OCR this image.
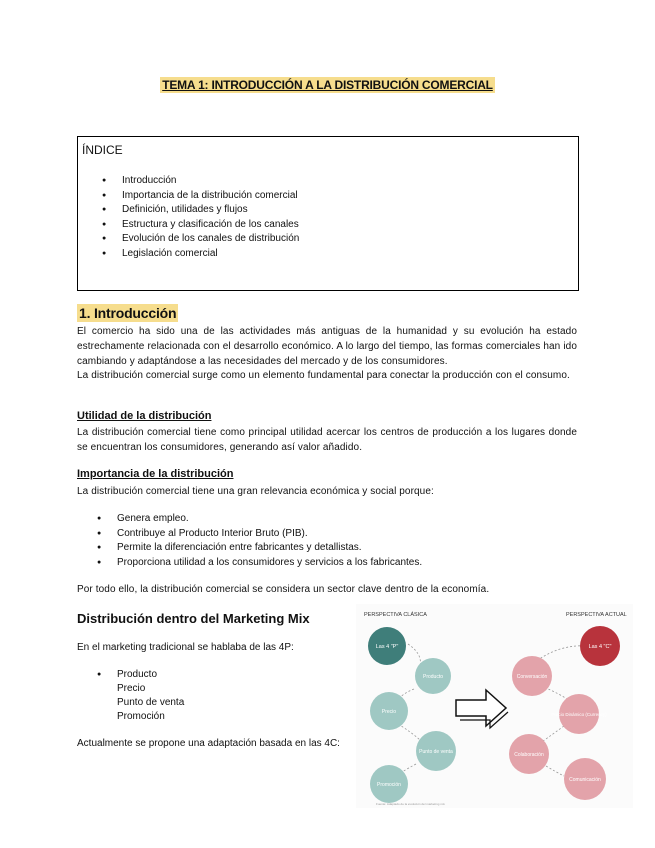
TEMA 1: INTRODUCCIÓN A LA DISTRIBUCIÓN COMERCIAL
ÍNDICE
● Introducción
● Importancia de la distribución comercial
● Definición, utilidades y flujos
● Estructura y clasificación de los canales
● Evolución de los canales de distribución
● Legislación comercial
1. Introducción
El comercio ha sido una de las actividades más antiguas de la humanidad y su evolución ha estado estrechamente relacionada con el desarrollo económico. A lo largo del tiempo, las formas comerciales han ido cambiando y adaptándose a las necesidades del mercado y de los consumidores.
La distribución comercial surge como un elemento fundamental para conectar la producción con el consumo.
Utilidad de la distribución
La distribución comercial tiene como principal utilidad acercar los centros de producción a los lugares donde se encuentran los consumidores, generando así valor añadido.
Importancia de la distribución
La distribución comercial tiene una gran relevancia económica y social porque:
● Genera empleo.
● Contribuye al Producto Interior Bruto (PIB).
● Permite la diferenciación entre fabricantes y detallistas.
● Proporciona utilidad a los consumidores y servicios a los fabricantes.
Por todo ello, la distribución comercial se considera un sector clave dentro de la economía.
Distribución dentro del Marketing Mix
En el marketing tradicional se hablaba de las 4P:
● Producto
Precio
Punto de venta
Promoción
Actualmente se propone una adaptación basada en las 4C:
PERSPECTIVA CLÁSICA	PERSPECTIVA ACTUAL
Las 4 "P"
Producto
Precio
Punto de venta
Promoción
Las 4 "C"
Conversación
Precio Dinámico (Currency)
Colaboración
Comunicación
Fuente: Adaptado de la evolución del marketing mix
